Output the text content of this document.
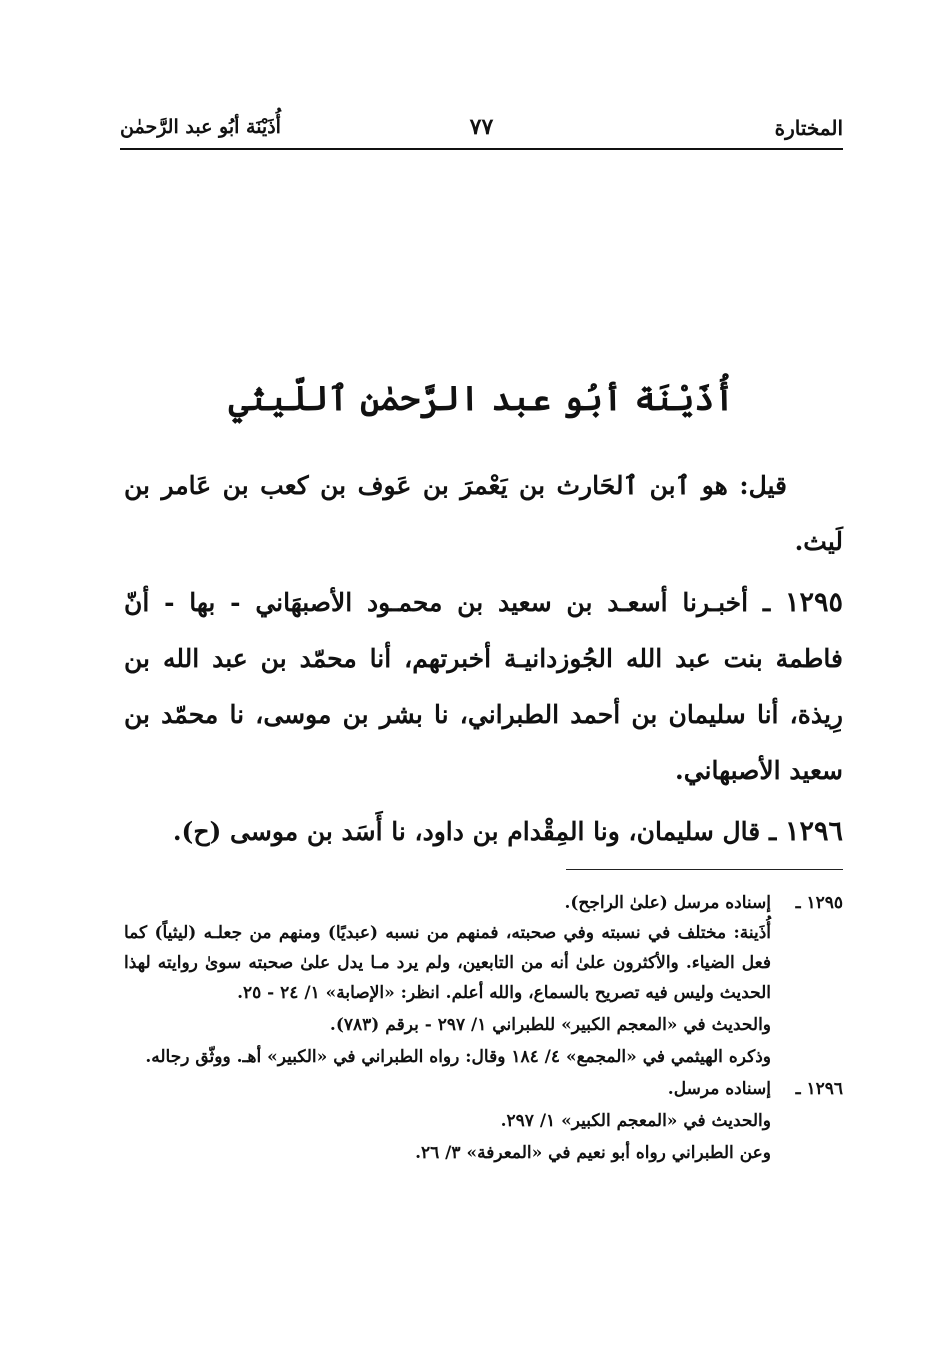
المختارة
٧٧
أُذَيْنَة أبُو عبد الرَّحمٰن
أُذَيْنَة أبُو عبد الرَّحمٰن ٱللّيثي

قيل: هو ٱبن ٱلحَارث بن يَعْمرَ بن عَوف بن كعب بن عَامر بن لَيث.

١٢٩٥ ـ أخبـرنا أسعـد بن سعيد بن محمـود الأصبهَاني - بها - أنّ فاطمة بنت عبد الله الجُوزدانيـة أخبرتهم، أنا محمّد بن عبد الله بن رِيذة، أنا سليمان بن أحمد الطبراني، نا بشر بن موسى، نا محمّد بن سعيد الأصبهاني.

١٢٩٦ ـ قال سليمان، ونا المِقْدام بن داود، نا أَسَد بن موسى (ح).

١٢٩٥ ـ

إسناده مرسل (علىٰ الراجح).

أُذَينة: مختلف في نسبته وفي صحبته، فمنهم من نسبه (عبديًا) ومنهم من جعلـه (ليثياً) كما فعل الضياء. والأكثرون علىٰ أنه من التابعين، ولم يرد مـا يدل علىٰ صحبته سوىٰ روايته لهذا الحديث وليس فيه تصريح بالسماع، والله أعلم. انظر: «الإصابة» ١/ ٢٤ - ٢٥.

والحديث في «المعجم الكبير» للطبراني ١/ ٢٩٧ - برقم (٧٨٣).

وذكره الهيثمي في «المجمع» ٤/ ١٨٤ وقال: رواه الطبراني في «الكبير» أهـ. ووثّق رجاله.

١٢٩٦ ـ

إسناده مرسل.

والحديث في «المعجم الكبير» ١/ ٢٩٧.

وعن الطبراني رواه أبو نعيم في «المعرفة» ٣/ ٢٦.
